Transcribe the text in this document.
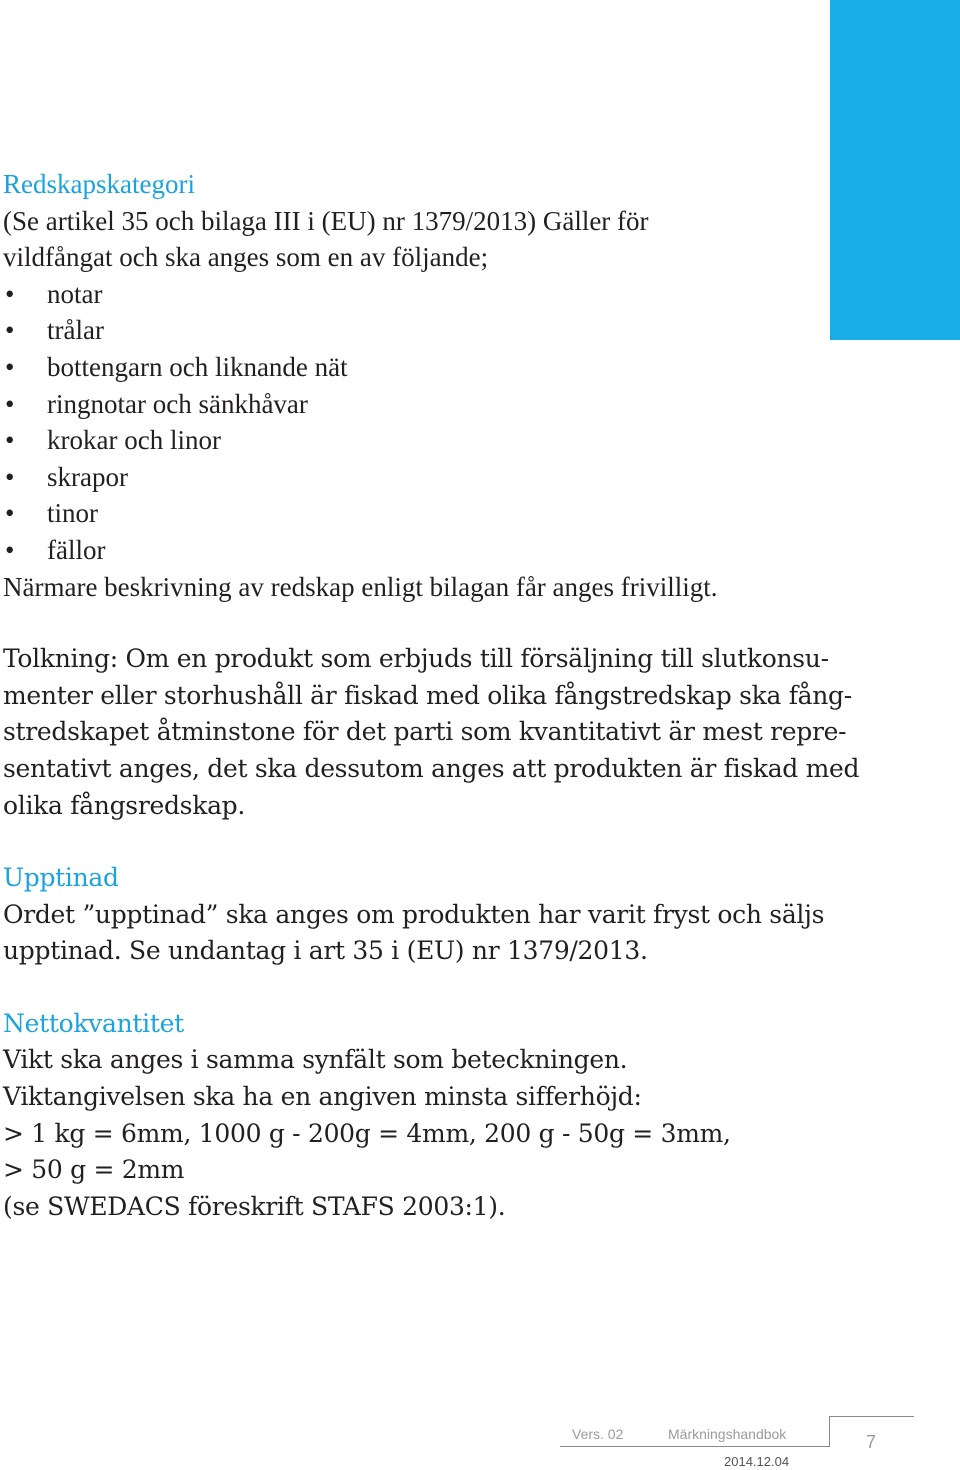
Redskapskategori
(Se artikel 35 och bilaga III i (EU) nr 1379/2013) Gäller för
vildfångat och ska anges som en av följande;
• notar
• trålar
• bottengarn och liknande nät
• ringnotar och sänkhåvar
• krokar och linor
• skrapor
• tinor
• fällor
Närmare beskrivning av redskap enligt bilagan får anges frivilligt.
Tolkning: Om en produkt som erbjuds till försäljning till slutkonsu-
menter eller storhushåll är fiskad med olika fångstredskap ska fång-
stredskapet åtminstone för det parti som kvantitativt är mest repre-
sentativt anges, det ska dessutom anges att produkten är fiskad med
olika fångsredskap.
Upptinad
Ordet ”upptinad” ska anges om produkten har varit fryst och säljs
upptinad. Se undantag i art 35 i (EU) nr 1379/2013.
Nettokvantitet
Vikt ska anges i samma synfält som beteckningen.
Viktangivelsen ska ha en angiven minsta sifferhöjd:
> 1 kg = 6mm, 1000 g - 200g = 4mm, 200 g - 50g = 3mm,
> 50 g = 2mm
(se SWEDACS föreskrift STAFS 2003:1).
Vers. 02	Märkningshandbok
2014.12.04
7
